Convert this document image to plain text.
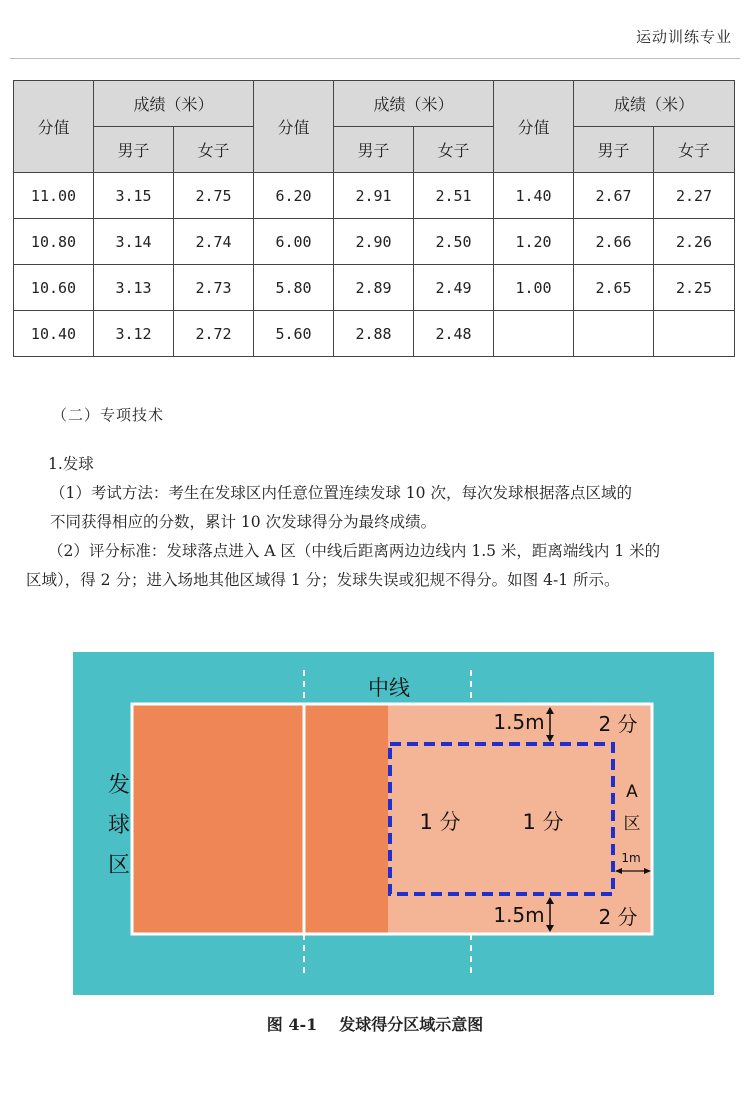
运动训练专业
分值	成绩（米）		分值	成绩（米）		分值	成绩（米）	
	男子	女子		男子	女子		男子	女子
11.00	3.15	2.75	6.20	2.91	2.51	1.40	2.67	2.27
10.80	3.14	2.74	6.00	2.90	2.50	1.20	2.66	2.26
10.60	3.13	2.73	5.80	2.89	2.49	1.00	2.65	2.25
10.40	3.12	2.72	5.60	2.88	2.48			
（二）专项技术
1.发球
（1）考试方法：考生在发球区内任意位置连续发球 10 次，每次发球根据落点区域的
不同获得相应的分数，累计 10 次发球得分为最终成绩。
（2）评分标准：发球落点进入 A 区（中线后距离两边边线内 1.5 米，距离端线内 1 米的
区域），得 2 分；进入场地其他区域得 1 分；发球失误或犯规不得分。如图 4-1 所示。
中线
发
球
区
1.5m	2 分
1.5m	2 分
1 分	1 分
A
区
1m
图 4-1 发球得分区域示意图
